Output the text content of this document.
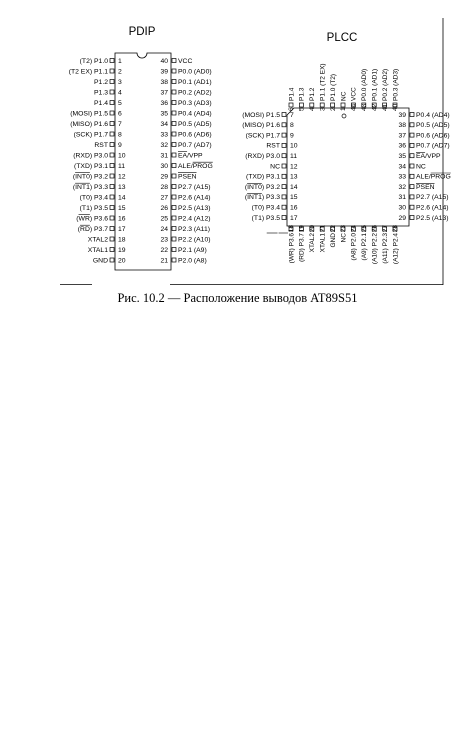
PDIP
1
(T2) P1.0
2
(T2 EX) P1.1
3
P1.2
4
P1.3
5
P1.4
6
(MOSI) P1.5
7
(MISO) P1.6
8
(SCK) P1.7
9
RST
10
(RXD) P3.0
11
(TXD) P3.1
12
(INT0) P3.2
13
(INT1) P3.3
14
(T0) P3.4
15
(T1) P3.5
16
(WR) P3.6
17
(RD) P3.7
18
XTAL2
19
XTAL1
20
GND
40 VCC
39 P0.0 (AD0)
38 P0.1 (AD1)
37 P0.2 (AD2)
36 P0.3 (AD3)
35 P0.4 (AD4)
34 P0.5 (AD5)
33 P0.6 (AD6)
32 P0.7 (AD7)
31 EA/VPP
30 ALE/PROG
29 PSEN
28 P2.7 (A15)
27 P2.6 (A14)
26 P2.5 (A13)
25 P2.4 (A12)
24 P2.3 (A11)
23 P2.2 (A10)
22 P2.1 (A9)
21 P2.0 (A8)
PLCC
6
P1.4
5
P1.3
4
P1.2
3
P1.1 (T2 EX)
2
P1.0 (T2)
1
NC
44
VCC
43
P0.0 (AD0)
42
P0.1 (AD1)
41
P0.2 (AD2)
40
P0.3 (AD3)
18
(WR) P3.6
19
(RD) P3.7
20
XTAL2
21
XTAL1
22
GND
23
NC
24
(A8) P2.0
25
(A9) P2.1
26
(A10) P2.2
27
(A11) P2.3
28
(A12) P2.4
7
(MOSI) P1.5
8
(MISO) P1.6
9
(SCK) P1.7
10
RST
11
(RXD) P3.0
12
NC
13
(TXD) P3.1
14
(INT0) P3.2
15
(INT1) P3.3
16
(T0) P3.4
17
(T1) P3.5
39 P0.4 (AD4)
38 P0.5 (AD5)
37 P0.6 (AD6)
36 P0.7 (AD7)
35 EA/VPP
34 NC
33 ALE/PROG
32 PSEN
31 P2.7 (A15)
30 P2.6 (A14)
29 P2.5 (A13)
Рис. 10.2 — Расположение выводов AT89S51
